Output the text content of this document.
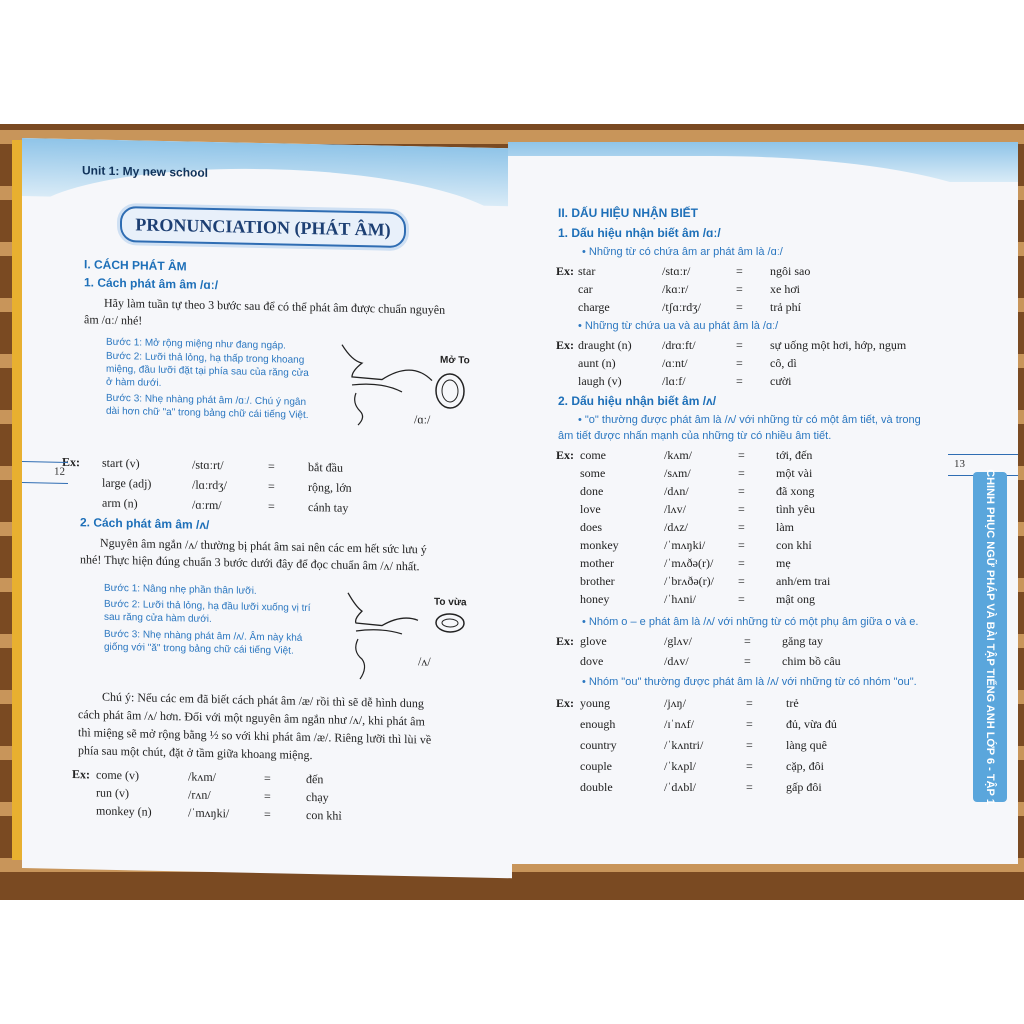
Unit 1: My new school
PRONUNCIATION (PHÁT ÂM)
I. CÁCH PHÁT ÂM
1. Cách phát âm âm /ɑː/
Hãy làm tuần tự theo 3 bước sau để có thể phát âm được chuẩn nguyên
âm /ɑː/ nhé!
Bước 1: Mở rộng miệng như đang ngáp.
Bước 2: Lưỡi thả lỏng, hạ thấp trong khoang miệng, đầu lưỡi đặt tại phía sau của răng cửa ở hàm dưới.
Bước 3: Nhẹ nhàng phát âm /ɑː/. Chú ý ngân dài hơn chữ "a" trong bảng chữ cái tiếng Việt.
Mở To
/ɑː/
Ex: start (v)	/stɑːrt/	=	bắt đầu
large (adj)	/lɑːrdʒ/	=	rộng, lớn
arm (n)	/ɑːrm/	=	cánh tay
12
2. Cách phát âm âm /ʌ/
Nguyên âm ngắn /ʌ/ thường bị phát âm sai nên các em hết sức lưu ý
nhé! Thực hiện đúng chuẩn 3 bước dưới đây để đọc chuẩn âm /ʌ/ nhất.
Bước 1: Nâng nhẹ phần thân lưỡi.
Bước 2: Lưỡi thả lỏng, hạ đầu lưỡi xuống vị trí sau răng cửa hàm dưới.
Bước 3: Nhẹ nhàng phát âm /ʌ/. Âm này khá giống với "ă" trong bảng chữ cái tiếng Việt.
To vừa
/ʌ/
Chú ý: Nếu các em đã biết cách phát âm /æ/ rồi thì sẽ dễ hình dung
cách phát âm /ʌ/ hơn. Đối với một nguyên âm ngắn như /ʌ/, khi phát âm
thì miệng sẽ mở rộng bằng ½ so với khi phát âm /æ/. Riêng lưỡi thì lùi về
phía sau một chút, đặt ở tầm giữa khoang miệng.
Ex: come (v)	/kʌm/	=	đến
run (v)	/rʌn/	=	chạy
monkey (n)	/ˈmʌŋki/	=	con khỉ
II. DẤU HIỆU NHẬN BIẾT
1. Dấu hiệu nhận biết âm /ɑː/
• Những từ có chứa âm ar phát âm là /ɑː/
Ex: star	/stɑːr/	= ngôi sao
car	/kɑːr/	= xe hơi
charge	/tʃɑːrdʒ/	= trả phí
• Những từ chứa ua và au phát âm là /ɑː/
Ex: draught (n)	/drɑːft/	= sự uống một hơi, hớp, ngụm
aunt (n)	/ɑːnt/	= cô, dì
laugh (v)	/lɑːf/	= cười
2. Dấu hiệu nhận biết âm /ʌ/
• "o" thường được phát âm là /ʌ/ với những từ có một âm tiết, và trong
âm tiết được nhấn mạnh của những từ có nhiều âm tiết.
Ex: come	/kʌm/	=	tới, đến
some	/sʌm/	=	một vài
done	/dʌn/	=	đã xong
love	/lʌv/	=	tình yêu
does	/dʌz/	=	làm
monkey	/ˈmʌŋki/	=	con khỉ
mother	/ˈmʌðə(r)/ =	mẹ
brother	/ˈbrʌðə(r)/ =	anh/em trai
honey	/ˈhʌni/	=	mật ong
• Nhóm o – e phát âm là /ʌ/ với những từ có một phụ âm giữa o và e.
Ex: glove	/glʌv/	=	găng tay
dove	/dʌv/	=	chim bồ câu
• Nhóm "ou" thường được phát âm là /ʌ/ với những từ có nhóm "ou".
Ex: young	/jʌŋ/	=	trẻ
enough	/ɪˈnʌf/	=	đủ, vừa đủ
country	/ˈkʌntri/	=	làng quê
couple	/ˈkʌpl/	=	cặp, đôi
double	/ˈdʌbl/	=	gấp đôi
13
CHINH PHỤC NGỮ PHÁP VÀ BÀI TẬP TIẾNG ANH LỚP 6 - TẬP 1
